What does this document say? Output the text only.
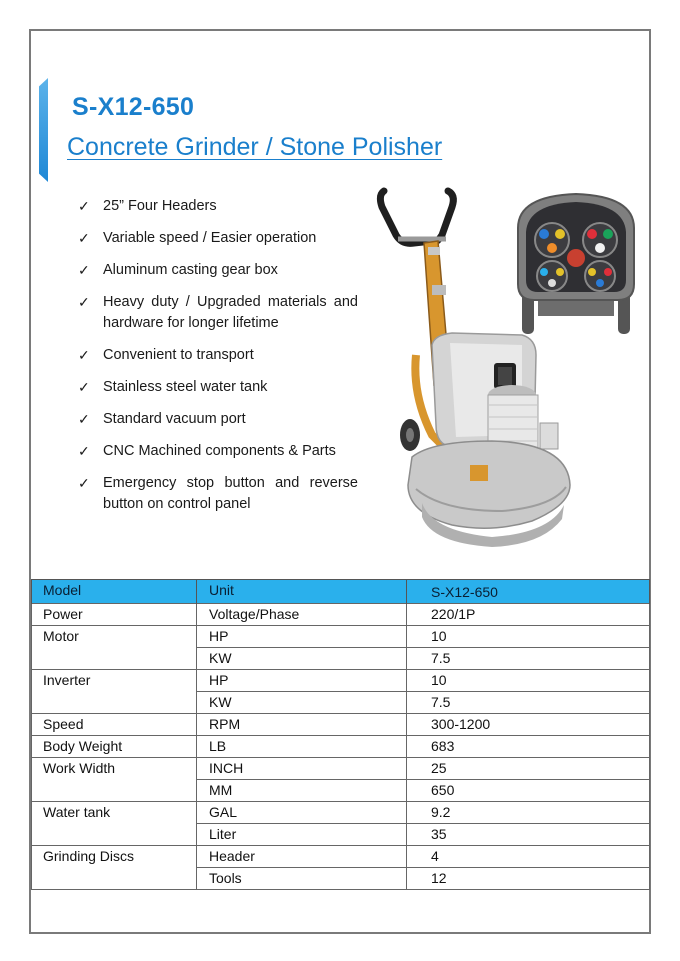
S-X12-650
Concrete Grinder / Stone Polisher
✓ 25” Four Headers
✓ Variable speed / Easier operation
✓ Aluminum casting gear box
✓ Heavy duty / Upgraded materials and hardware for longer lifetime
✓ Convenient to transport
✓ Stainless steel water tank
✓ Standard vacuum port
✓ CNC Machined components & Parts
✓ Emergency stop button and reverse button on control panel
Model	Unit	S-X12-650
Power	Voltage/Phase	220/1P
Motor	HP	10
	KW	7.5
Inverter	HP	10
	KW	7.5
Speed	RPM	300-1200
Body Weight	LB	683
Work Width	INCH	25
	MM	650
Water tank	GAL	9.2
	Liter	35
Grinding Discs	Header	4
	Tools	12
